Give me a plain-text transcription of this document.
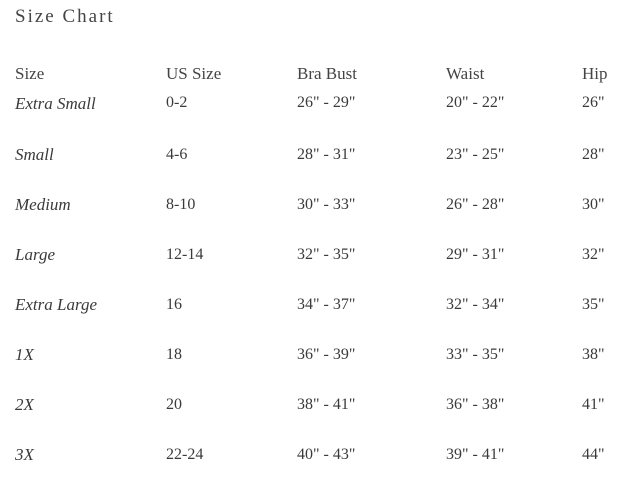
Size Chart
Size	US Size	Bra Bust	Waist	Hip
Extra Small	0-2	26" - 29"	20" - 22"	26"
Small	4-6	28" - 31"	23" - 25"	28"
Medium	8-10	30" - 33"	26" - 28"	30"
Large	12-14	32" - 35"	29" - 31"	32"
Extra Large	16	34" - 37"	32" - 34"	35"
1X	18	36" - 39"	33" - 35"	38"
2X	20	38" - 41"	36" - 38"	41"
3X	22-24	40" - 43"	39" - 41"	44"
